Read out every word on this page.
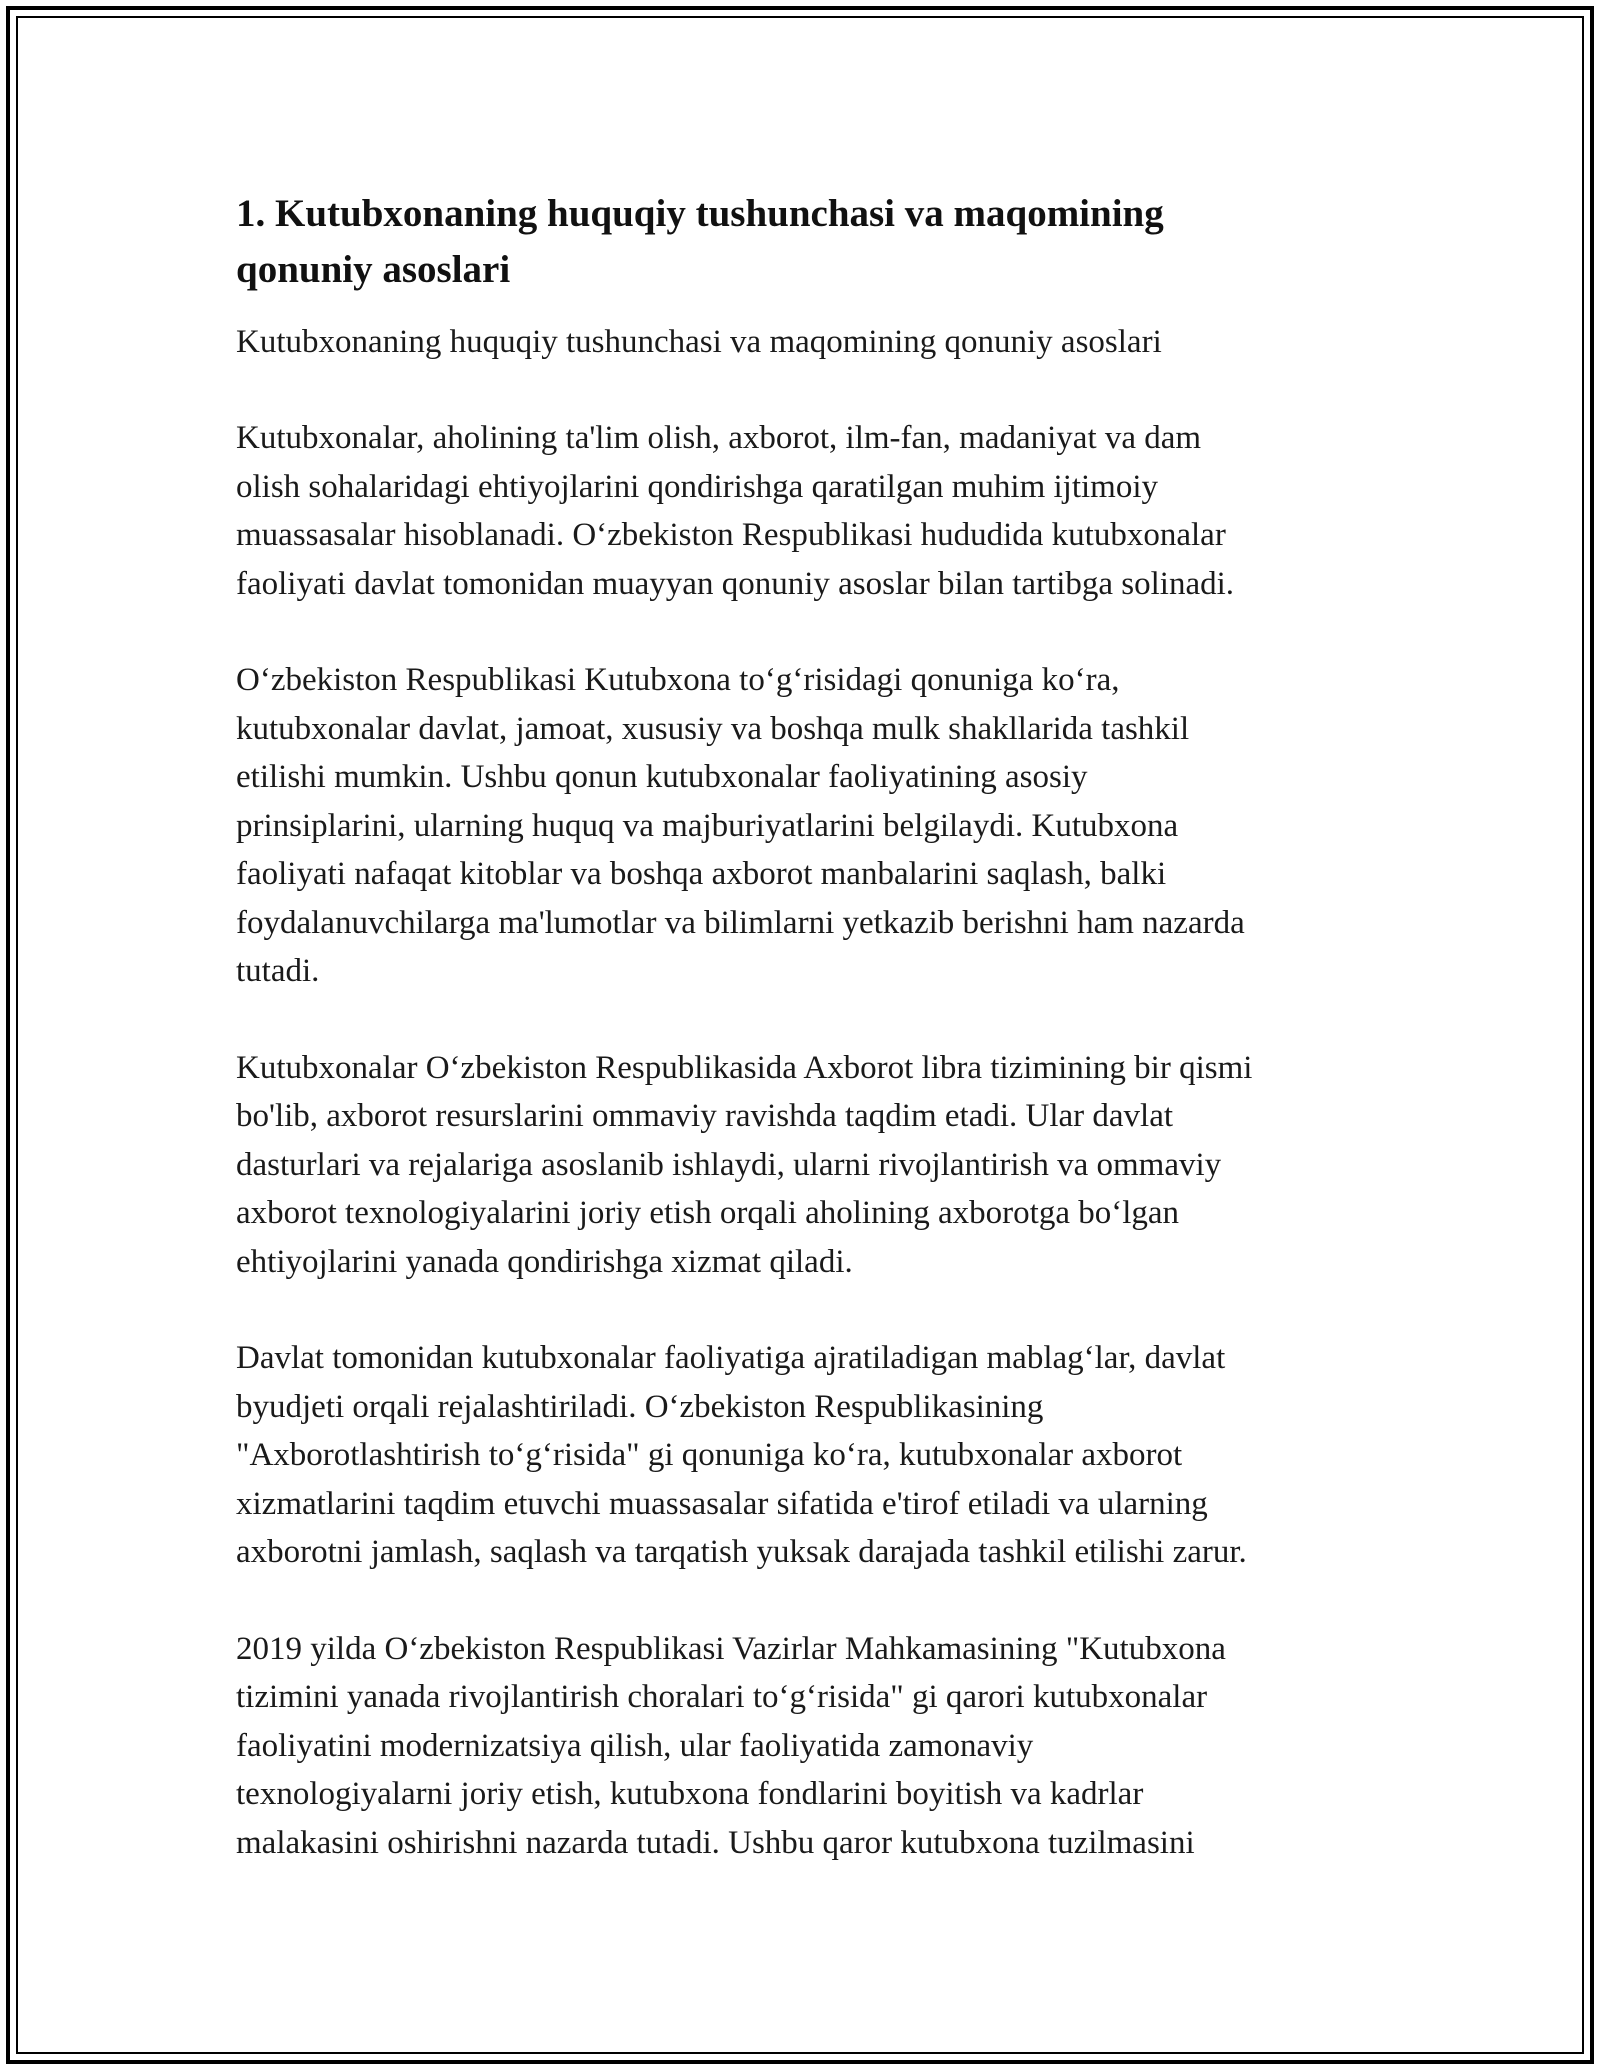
1. Kutubxonaning huquqiy tushunchasi va maqomining
qonuniy asoslari

Kutubxonaning huquqiy tushunchasi va maqomining qonuniy asoslari

Kutubxonalar, aholining ta'lim olish, axborot, ilm-fan, madaniyat va dam
olish sohalaridagi ehtiyojlarini qondirishga qaratilgan muhim ijtimoiy
muassasalar hisoblanadi. O‘zbekiston Respublikasi hududida kutubxonalar
faoliyati davlat tomonidan muayyan qonuniy asoslar bilan tartibga solinadi.

O‘zbekiston Respublikasi Kutubxona to‘g‘risidagi qonuniga ko‘ra,
kutubxonalar davlat, jamoat, xususiy va boshqa mulk shakllarida tashkil
etilishi mumkin. Ushbu qonun kutubxonalar faoliyatining asosiy
prinsiplarini, ularning huquq va majburiyatlarini belgilaydi. Kutubxona
faoliyati nafaqat kitoblar va boshqa axborot manbalarini saqlash, balki
foydalanuvchilarga ma'lumotlar va bilimlarni yetkazib berishni ham nazarda
tutadi.

Kutubxonalar O‘zbekiston Respublikasida Axborot libra tizimining bir qismi
bo'lib, axborot resurslarini ommaviy ravishda taqdim etadi. Ular davlat
dasturlari va rejalariga asoslanib ishlaydi, ularni rivojlantirish va ommaviy
axborot texnologiyalarini joriy etish orqali aholining axborotga bo‘lgan
ehtiyojlarini yanada qondirishga xizmat qiladi.

Davlat tomonidan kutubxonalar faoliyatiga ajratiladigan mablag‘lar, davlat
byudjeti orqali rejalashtiriladi. O‘zbekiston Respublikasining
"Axborotlashtirish to‘g‘risida" gi qonuniga ko‘ra, kutubxonalar axborot
xizmatlarini taqdim etuvchi muassasalar sifatida e'tirof etiladi va ularning
axborotni jamlash, saqlash va tarqatish yuksak darajada tashkil etilishi zarur.

2019 yilda O‘zbekiston Respublikasi Vazirlar Mahkamasining "Kutubxona
tizimini yanada rivojlantirish choralari to‘g‘risida" gi qarori kutubxonalar
faoliyatini modernizatsiya qilish, ular faoliyatida zamonaviy
texnologiyalarni joriy etish, kutubxona fondlarini boyitish va kadrlar
malakasini oshirishni nazarda tutadi. Ushbu qaror kutubxona tuzilmasini
